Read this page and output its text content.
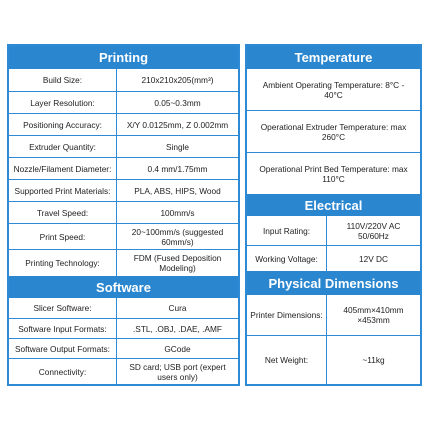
Printing
Build Size:	210x210x205(mm³)
Layer Resolution:	0.05~0.3mm
Positioning Accuracy:	X/Y 0.0125mm, Z 0.002mm
Extruder Quantity:	Single
Nozzle/Filament Diameter:	0.4 mm/1.75mm
Supported Print Materials:	PLA, ABS, HIPS, Wood
Travel Speed:	100mm/s
Print Speed:	20~100mm/s (suggested 60mm/s)
Printing Technology:	FDM (Fused Deposition Modeling)
Software
Slicer Software:	Cura
Software Input Formats:	.STL, .OBJ, .DAE, .AMF
Software Output Formats:	GCode
Connectivity:	SD card; USB port (expert users only)
Temperature
Ambient Operating Temperature: 8°C - 40°C
Operational Extruder Temperature: max 260°C
Operational Print Bed Temperature: max 110°C
Electrical
Input Rating:	110V/220V AC 50/60Hz
Working Voltage:	12V DC
Physical Dimensions
Printer Dimensions:	405mm×410mm ×453mm
Net Weight:	~11kg
